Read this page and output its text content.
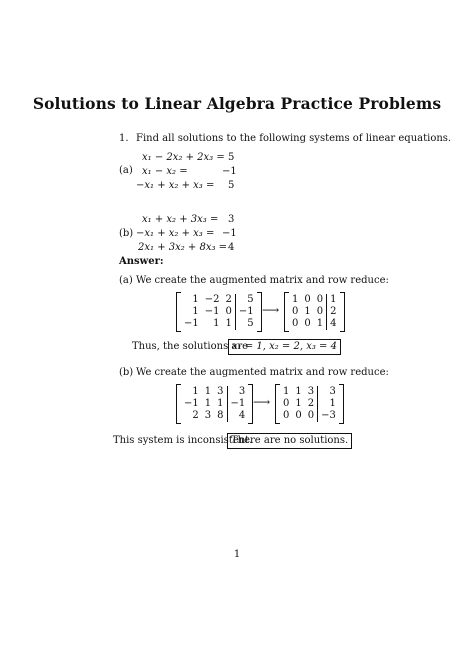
Solutions to Linear Algebra Practice Problems
1. Find all solutions to the following systems of linear equations.
(a)
x₁ − 2x₂ + 2x₃ = 5
x₁ − x₂ =	−1
−x₁ + x₂ + x₃ = 5
(b)
x₁ + x₂ + 3x₃ = 3
−x₁ + x₂ + x₃ = −1
2x₁ + 3x₂ + 8x₃ = 4
Answer:
(a) We create the augmented matrix and row reduce:
1	−2	2	5
1	−1	0	−1
−1	1	1	5
⟶
1	0	0	1
0	1	0	2
0	0	1	4
Thus, the solutions are
x₁ = 1, x₂ = 2, x₃ = 4
(b) We create the augmented matrix and row reduce:
1	1	3	3
−1	1	1	−1
2	3	8	4
⟶
1	1	3	3
0	1	2	1
0	0	0	−3
This system is inconsistent.
There are no solutions.
1
